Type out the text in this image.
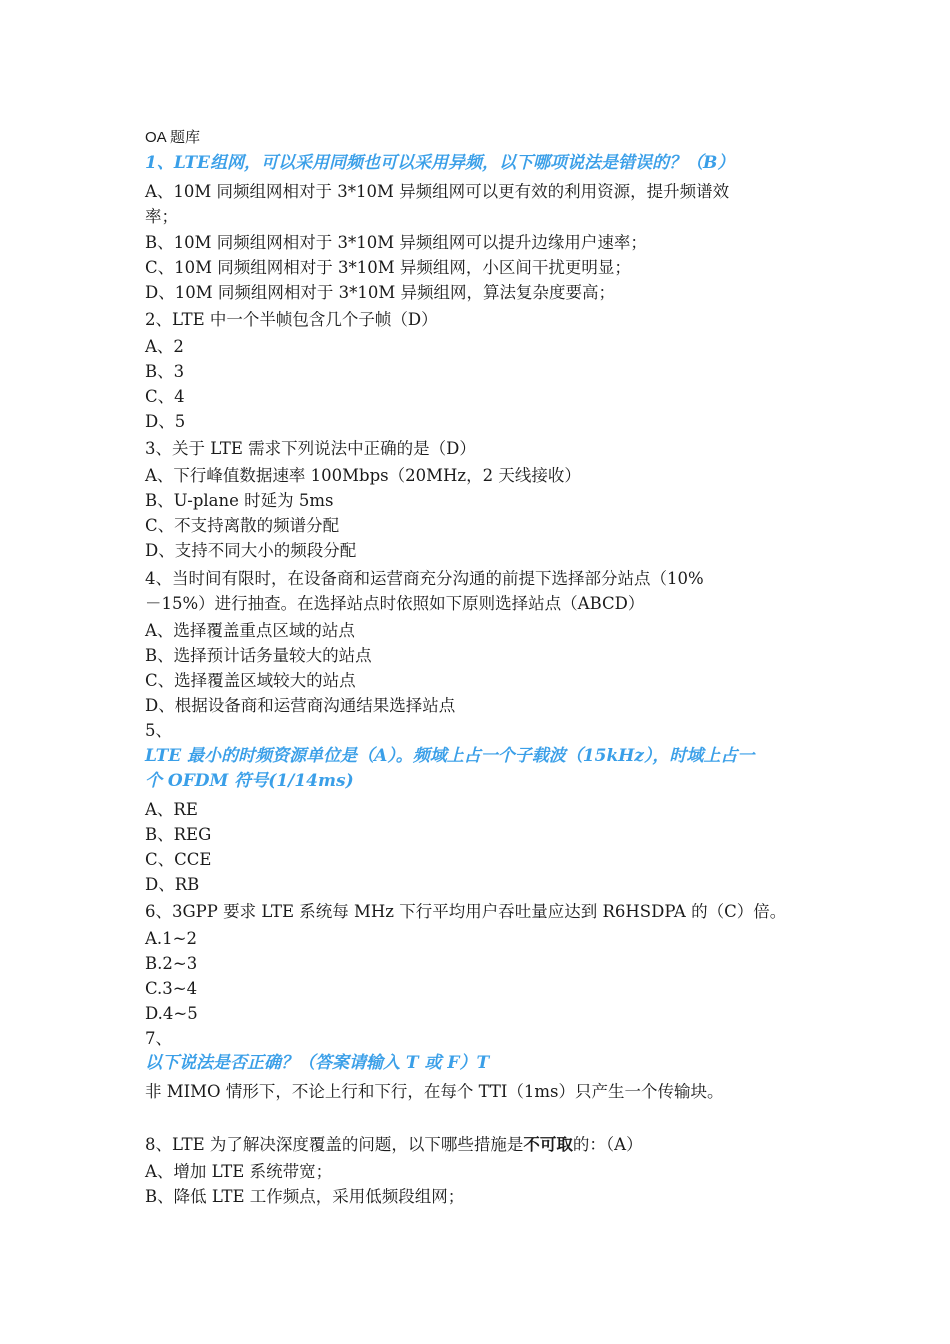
OA 题库
1、LTE组网，可以采用同频也可以采用异频，以下哪项说法是错误的？（B）
A、10M 同频组网相对于 3*10M 异频组网可以更有效的利用资源，提升频谱效
率；
B、10M 同频组网相对于 3*10M 异频组网可以提升边缘用户速率；
C、10M 同频组网相对于 3*10M 异频组网，小区间干扰更明显；
D、10M 同频组网相对于 3*10M 异频组网，算法复杂度要高；
2、LTE 中一个半帧包含几个子帧（D）
A、2
B、3
C、4
D、5
3、关于 LTE 需求下列说法中正确的是（D）
A、下行峰值数据速率 100Mbps（20MHz，2 天线接收）
B、U-plane 时延为 5ms
C、不支持离散的频谱分配
D、支持不同大小的频段分配
4、当时间有限时，在设备商和运营商充分沟通的前提下选择部分站点（10%
－15%）进行抽查。在选择站点时依照如下原则选择站点（ABCD）
A、选择覆盖重点区域的站点
B、选择预计话务量较大的站点
C、选择覆盖区域较大的站点
D、根据设备商和运营商沟通结果选择站点
5、
LTE 最小的时频资源单位是（A）。频域上占一个子载波（15kHz），时域上占一
个 OFDM 符号(1/14ms)
A、RE
B、REG
C、CCE
D、RB
6、3GPP 要求 LTE 系统每 MHz 下行平均用户吞吐量应达到 R6HSDPA 的（C）倍。
A.1~2
B.2~3
C.3~4
D.4~5
7、
以下说法是否正确？（答案请输入 T 或 F）T
非 MIMO 情形下，不论上行和下行，在每个 TTI（1ms）只产生一个传输块。
8、LTE 为了解决深度覆盖的问题，以下哪些措施是不可取的：（A）
A、增加 LTE 系统带宽；
B、降低 LTE 工作频点，采用低频段组网；
